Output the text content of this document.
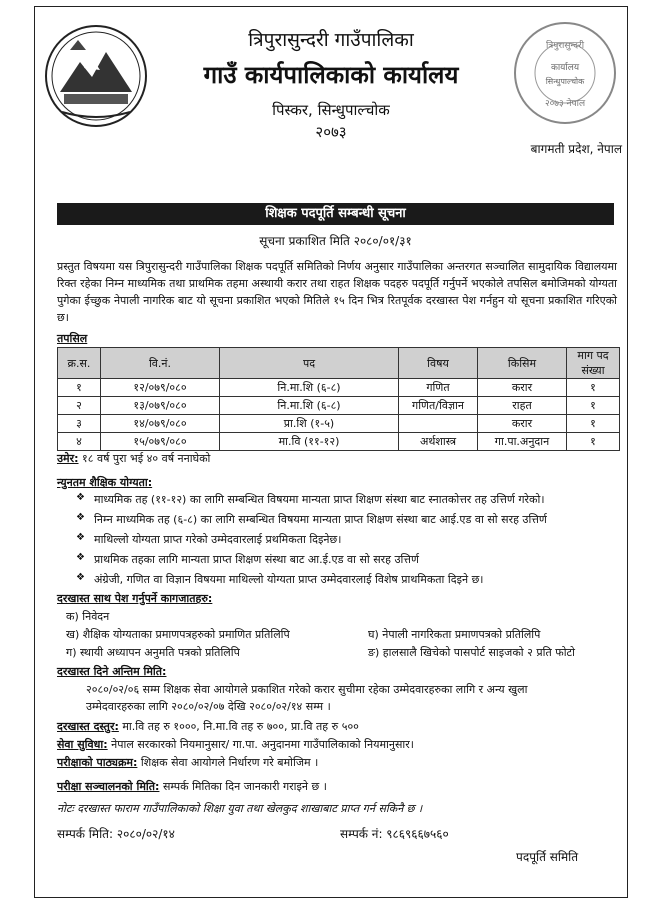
त्रिपुरासुन्दरी
कार्यालय
सिन्धुपाल्चोक
२०७३ नेपाल
त्रिपुरासुन्दरी गाउँपालिका
गाउँ कार्यपालिकाको कार्यालय
पिस्कर, सिन्धुपाल्चोक
२०७३
बागमती प्रदेश, नेपाल
शिक्षक पदपूर्ति सम्बन्धी सूचना
सूचना प्रकाशित मिति २०८०/०१/३१
प्रस्तुत विषयमा यस त्रिपुरासुन्दरी गाउँपालिका शिक्षक पदपूर्ति समितिको निर्णय अनुसार गाउँपालिका अन्तरगत सञ्चालित सामुदायिक विद्यालयमा रिक्त रहेका निम्न माध्यमिक तथा प्राथमिक तहमा अस्थायी करार तथा राहत शिक्षक पदहरु पदपूर्ति गर्नुपर्ने भएकोले तपसिल बमोजिमको योग्यता पुगेका ईच्छुक नेपाली नागरिक बाट यो सूचना प्रकाशित भएको मितिले १५ दिन भित्र रितपूर्वक दरखास्त पेश गर्नहुन यो सूचना प्रकाशित गरिएको छ।
तपसिल
क्र.स.	वि.नं.	पद	विषय	किसिम	माग पद संख्या
१	१२/०७९/०८०	नि.मा.शि (६-८)	गणित	करार	१
२	१३/०७९/०८०	नि.मा.शि (६-८)	गणित/विज्ञान	राहत	१
३	१४/०७९/०८०	प्रा.शि (१-५)		करार	१
४	१५/०७९/०८०	मा.वि (११-१२)	अर्थशास्त्र	गा.पा.अनुदान	१
उमेर: १८ वर्ष पुरा भई ४० वर्ष ननाघेको
न्युनतम शैक्षिक योग्यता:
❖ माध्यमिक तह (११-१२) का लागि सम्बन्धित विषयमा मान्यता प्राप्त शिक्षण संस्था बाट स्नातकोत्तर तह उत्तिर्ण गरेको।
❖ निम्न माध्यमिक तह (६-८) का लागि सम्बन्धित विषयमा मान्यता प्राप्त शिक्षण संस्था बाट आई.एड वा सो सरह उत्तिर्ण
❖ माथिल्लो योग्यता प्राप्त गरेको उम्मेदवारलाई प्रथमिकता दिइनेछ।
❖ प्राथमिक तहका लागि मान्यता प्राप्त शिक्षण संस्था बाट आ.ई.एड वा सो सरह उत्तिर्ण
❖ अंग्रेजी, गणित वा विज्ञान विषयमा माथिल्लो योग्यता प्राप्त उम्मेदवारलाई विशेष प्राथमिकता दिइने छ।
दरखास्त साथ पेश गर्नुपर्ने कागजातहरु:
क) निवेदन
ख) शैक्षिक योग्यताका प्रमाणपत्रहरुको प्रमाणित प्रतिलिपि	घ) नेपाली नागरिकता प्रमाणपत्रको प्रतिलिपि
ग) स्थायी अध्यापन अनुमति पत्रको प्रतिलिपि	ङ) हालसालै खिचेको पासपोर्ट साइजको २ प्रति फोटो
दरखास्त दिने अन्तिम मिति:
२०८०/०२/०६ सम्म शिक्षक सेवा आयोगले प्रकाशित गरेको करार सुचीमा रहेका उम्मेदवारहरुका लागि र अन्य खुला
उम्मेदवारहरुका लागि २०८०/०२/०७ देखि २०८०/०२/१४ सम्म ।
दरखास्त दस्तुर: मा.वि तह रु १०००, नि.मा.वि तह रु ७००, प्रा.वि तह रु ५००
सेवा सुविधा: नेपाल सरकारको नियमानुसार/ गा.पा. अनुदानमा गाउँपालिकाको नियमानुसार।
परीक्षाको पाठ्यक्रम: शिक्षक सेवा आयोगले निर्धारण गरे बमोजिम ।
परीक्षा सञ्चालनको मिति: सम्पर्क मितिका दिन जानकारी गराइने छ ।
नोटः दरखास्त फाराम गाउँपालिकाको शिक्षा युवा तथा खेलकुद शाखाबाट प्राप्त गर्न सकिनै छ ।
सम्पर्क मिति: २०८०/०२/१४	सम्पर्क नं: ९८६९६६७५६०
पदपूर्ति समिति
